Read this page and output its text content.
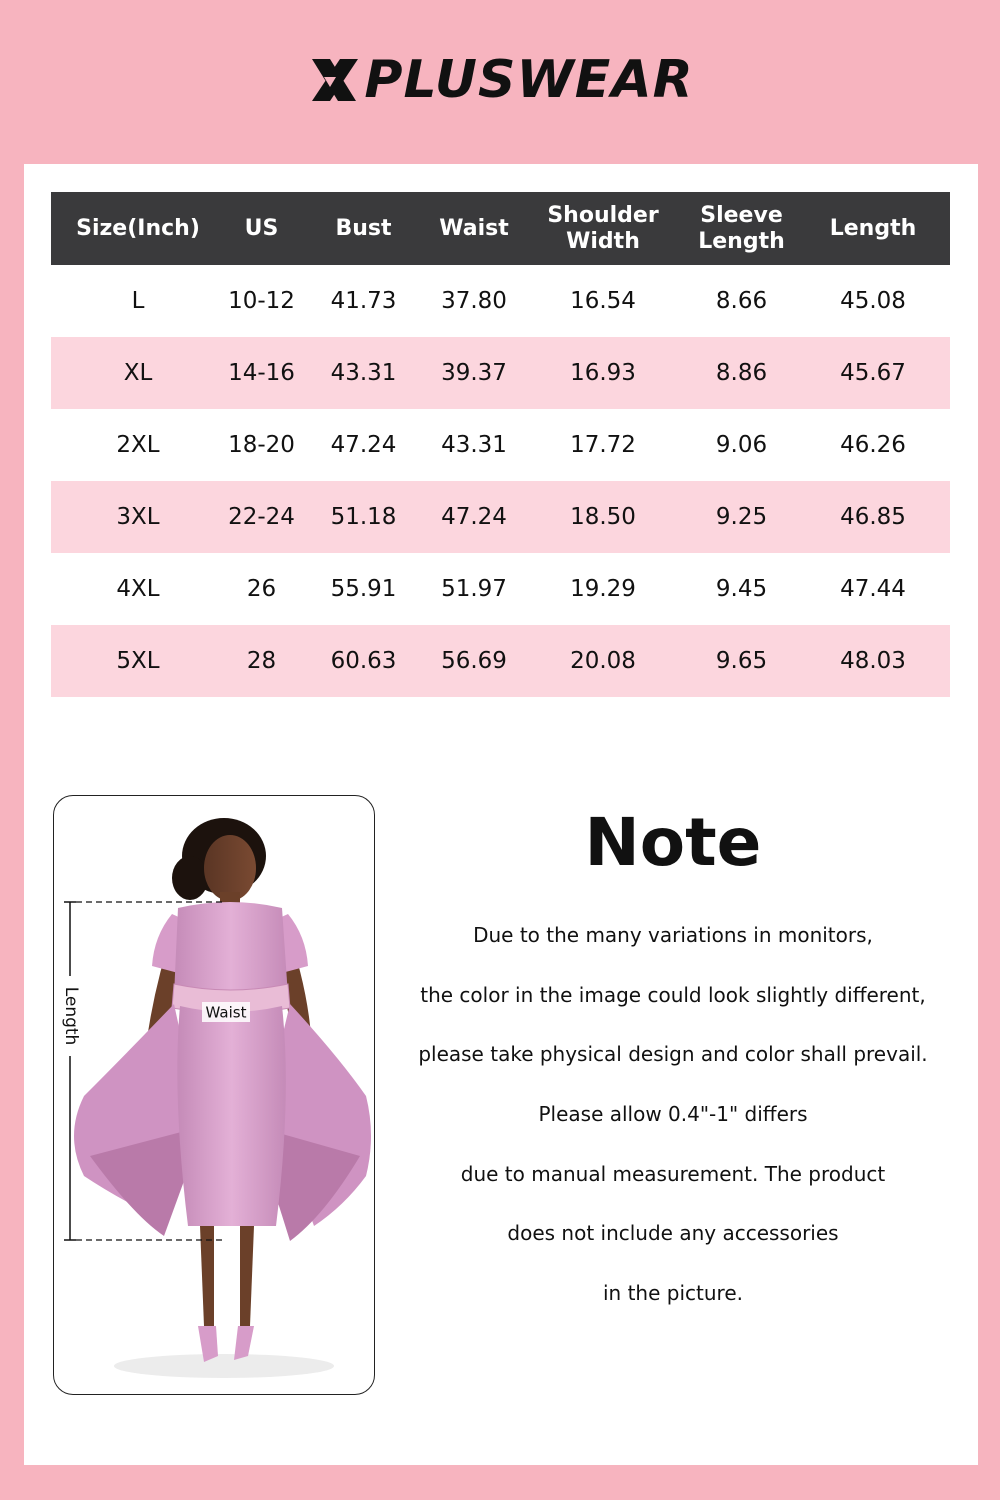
PLUSWEAR
Size(Inch)	US	Bust	Waist	Shoulder Width	Sleeve Length	Length
L	10-12	41.73	37.80	16.54	8.66	45.08
XL	14-16	43.31	39.37	16.93	8.86	45.67
2XL	18-20	47.24	43.31	17.72	9.06	46.26
3XL	22-24	51.18	47.24	18.50	9.25	46.85
4XL	26	55.91	51.97	19.29	9.45	47.44
5XL	28	60.63	56.69	20.08	9.65	48.03
Length	Waist
Note
Due to the many variations in monitors,
the color in the image could look slightly different,
please take physical design and color shall prevail.
Please allow 0.4"-1" differs
due to manual measurement. The product
does not include any accessories
in the picture.
